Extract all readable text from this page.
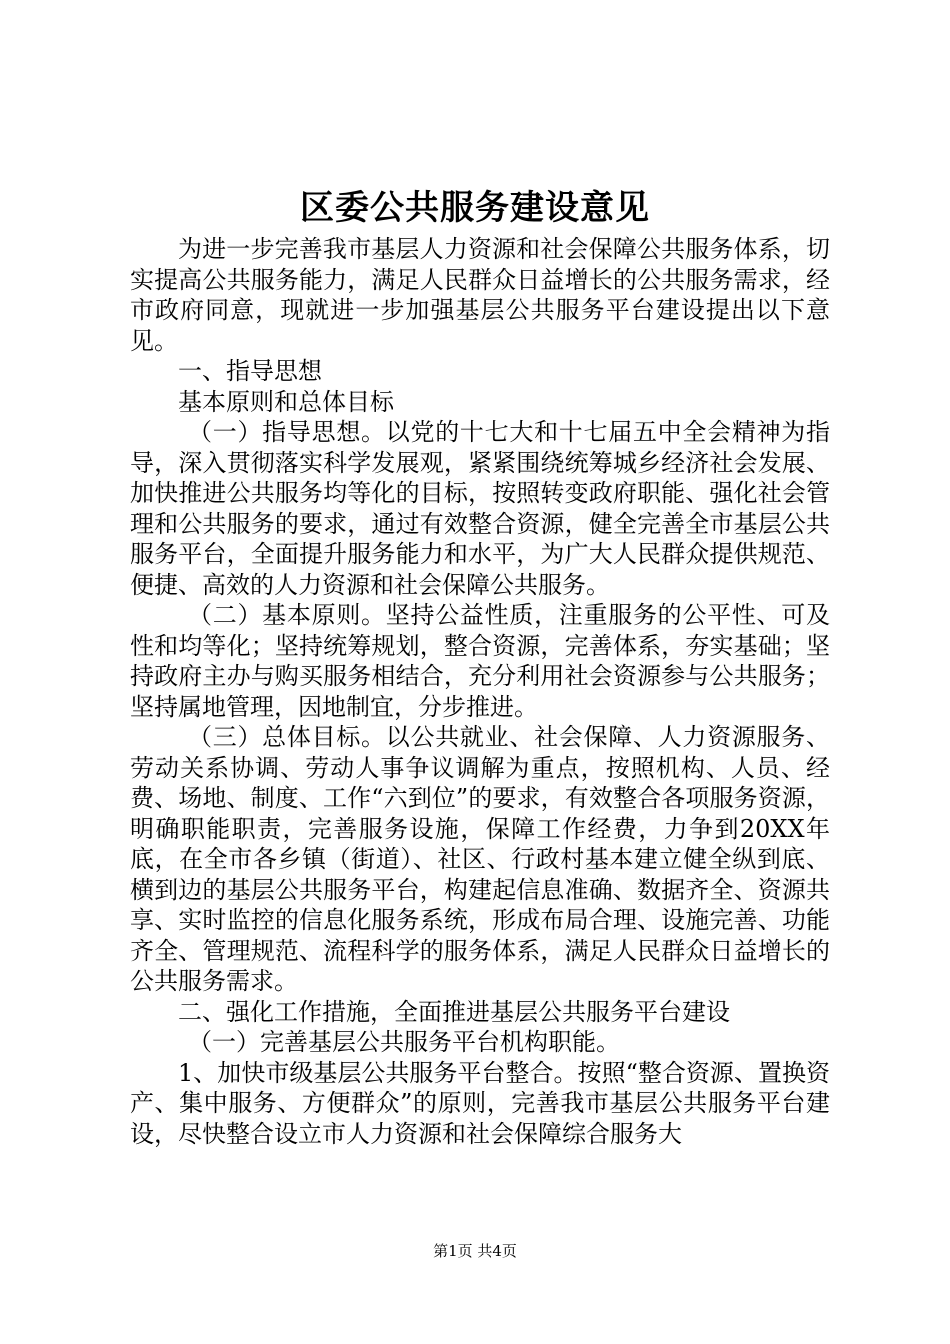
区委公共服务建设意见

为进一步完善我市基层人力资源和社会保障公共服务体系，切实提高公共服务能力，满足人民群众日益增长的公共服务需求，经市政府同意，现就进一步加强基层公共服务平台建设提出以下意见。

一、指导思想

基本原则和总体目标

（一）指导思想。以党的十七大和十七届五中全会精神为指导，深入贯彻落实科学发展观，紧紧围绕统筹城乡经济社会发展、加快推进公共服务均等化的目标，按照转变政府职能、强化社会管理和公共服务的要求，通过有效整合资源，健全完善全市基层公共服务平台，全面提升服务能力和水平，为广大人民群众提供规范、便捷、高效的人力资源和社会保障公共服务。

（二）基本原则。坚持公益性质，注重服务的公平性、可及性和均等化；坚持统筹规划，整合资源，完善体系，夯实基础；坚持政府主办与购买服务相结合，充分利用社会资源参与公共服务；坚持属地管理，因地制宜，分步推进。

（三）总体目标。以公共就业、社会保障、人力资源服务、劳动关系协调、劳动人事争议调解为重点，按照机构、人员、经费、场地、制度、工作“六到位”的要求，有效整合各项服务资源，明确职能职责，完善服务设施，保障工作经费，力争到20XX年底，在全市各乡镇（街道）、社区、行政村基本建立健全纵到底、横到边的基层公共服务平台，构建起信息准确、数据齐全、资源共享、实时监控的信息化服务系统，形成布局合理、设施完善、功能齐全、管理规范、流程科学的服务体系，满足人民群众日益增长的公共服务需求。

二、强化工作措施，全面推进基层公共服务平台建设

（一）完善基层公共服务平台机构职能。

1、加快市级基层公共服务平台整合。按照“整合资源、置换资产、集中服务、方便群众”的原则，完善我市基层公共服务平台建设，尽快整合设立市人力资源和社会保障综合服务大

第1页 共4页
